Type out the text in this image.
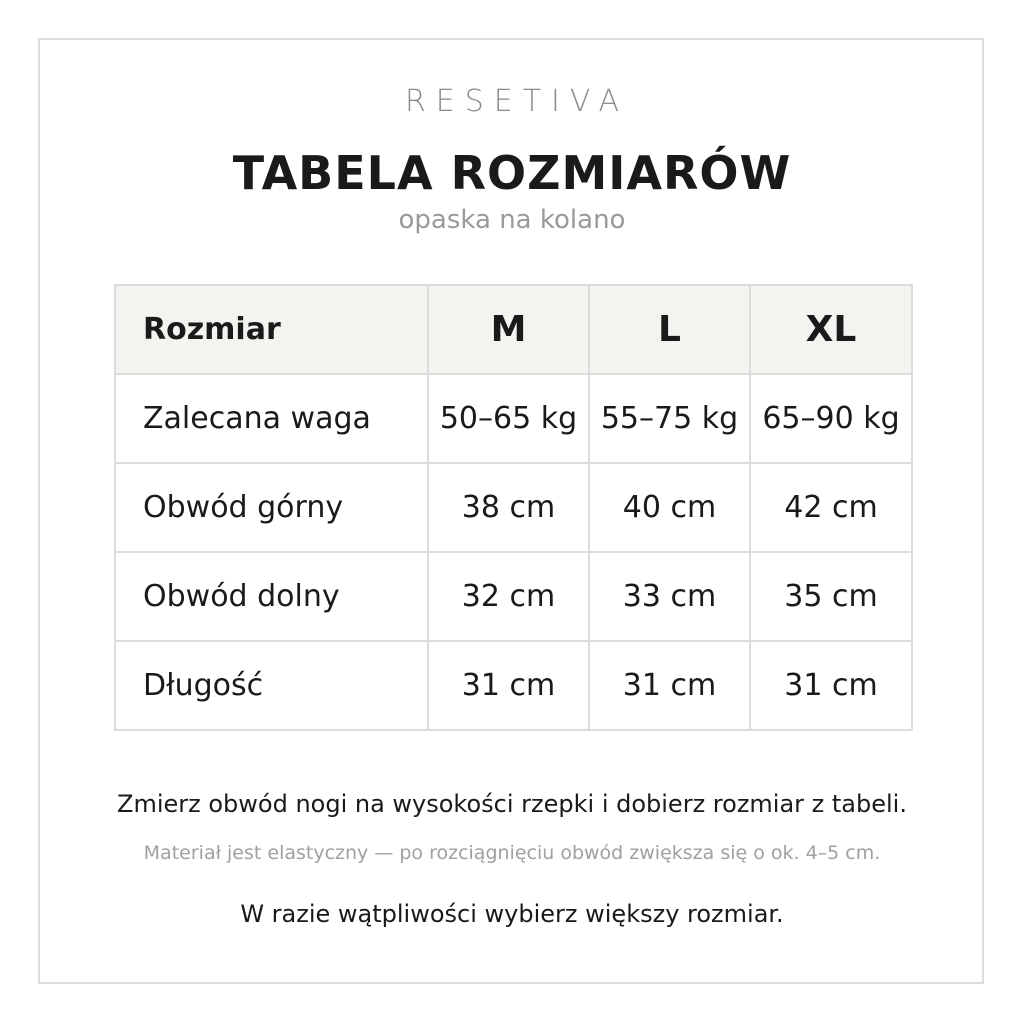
RESETIVA
TABELA ROZMIARÓW
opaska na kolano
Rozmiar	M	L	XL
Zalecana waga	50–65 kg	55–75 kg	65–90 kg
Obwód górny	38 cm	40 cm	42 cm
Obwód dolny	32 cm	33 cm	35 cm
Długość	31 cm	31 cm	31 cm
Zmierz obwód nogi na wysokości rzepki i dobierz rozmiar z tabeli.
Materiał jest elastyczny — po rozciągnięciu obwód zwiększa się o ok. 4–5 cm.
W razie wątpliwości wybierz większy rozmiar.
